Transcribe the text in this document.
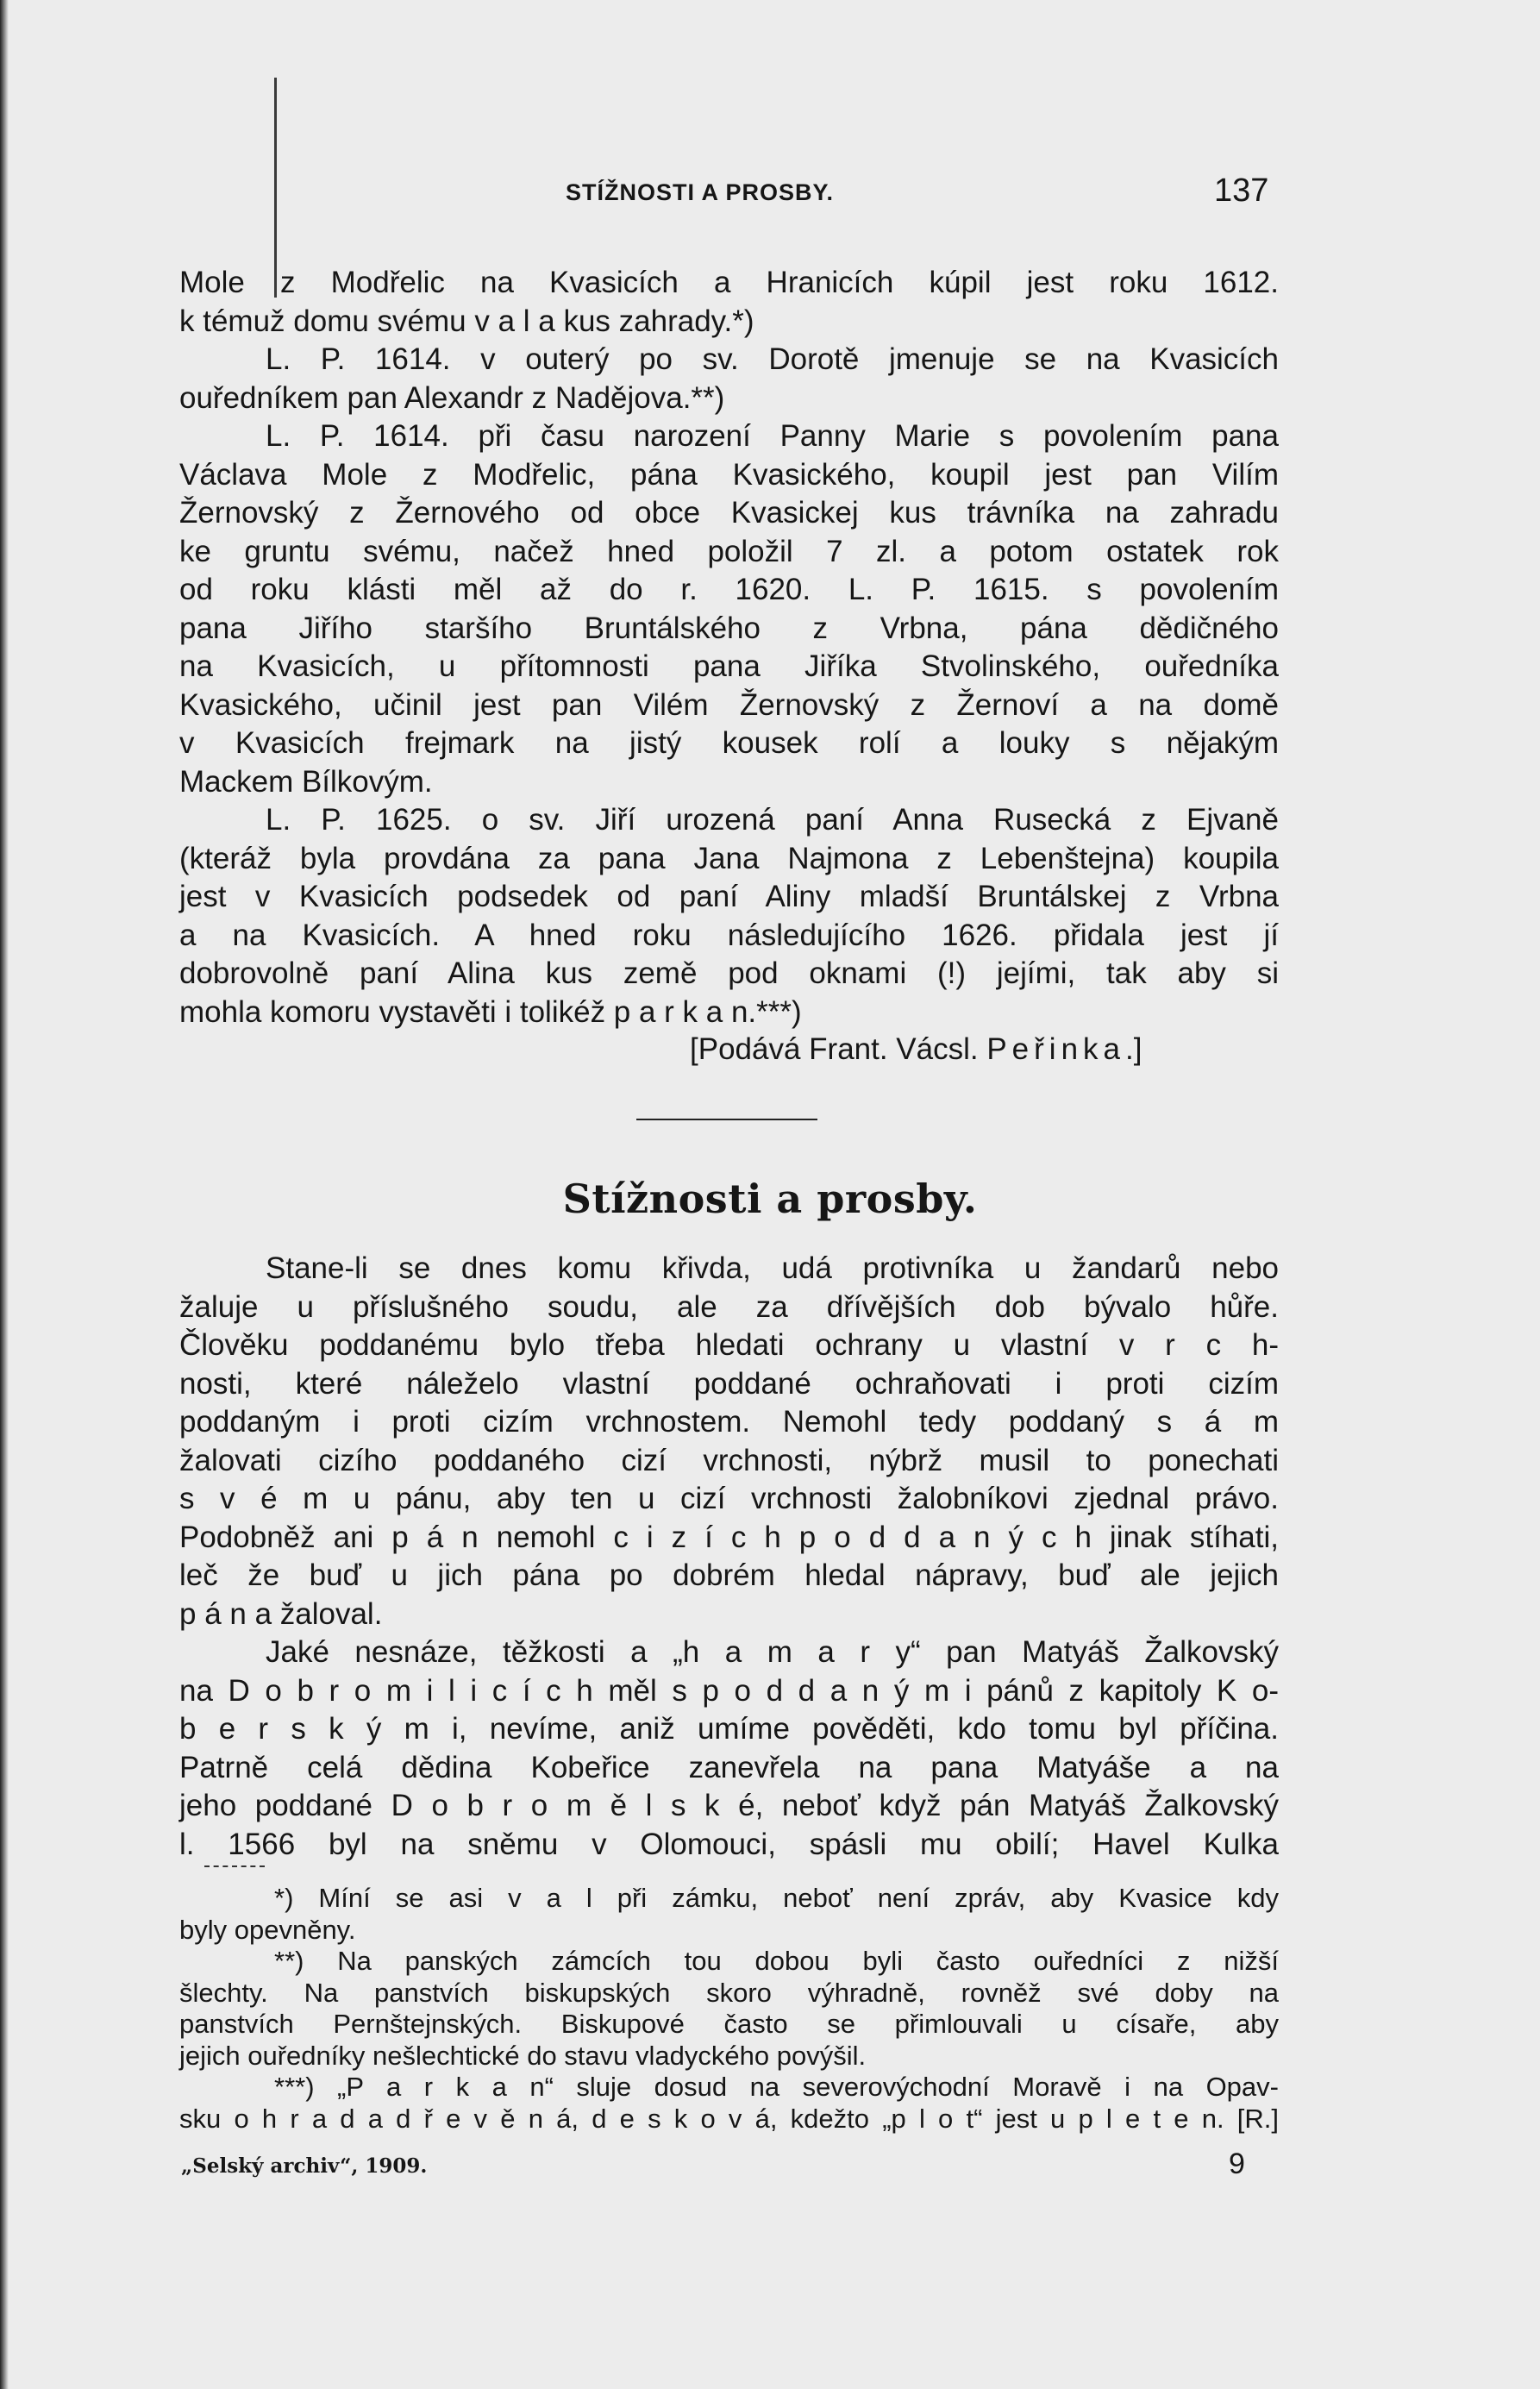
STÍŽNOSTI A PROSBY.	137

Mole z Modřelic na Kvasicích a Hranicích kúpil jest roku 1612.

k témuž domu svému v a l a kus zahrady.*)

L. P. 1614. v outerý po sv. Dorotě jmenuje se na Kvasicích

ouředníkem pan Alexandr z Nadějova.**)

L. P. 1614. při času narození Panny Marie s povolením pana

Václava Mole z Modřelic, pána Kvasického, koupil jest pan Vilím

Žernovský z Žernového od obce Kvasickej kus trávníka na zahradu

ke gruntu svému, načež hned položil 7 zl. a potom ostatek rok

od roku klásti měl až do r. 1620. L. P. 1615. s povolením

pana Jiřího staršího Bruntálského z Vrbna, pána dědičného

na Kvasicích, u přítomnosti pana Jiříka Stvolinského, ouředníka

Kvasického, učinil jest pan Vilém Žernovský z Žernoví a na domě

v Kvasicích frejmark na jistý kousek rolí a louky s nějakým

Mackem Bílkovým.

L. P. 1625. o sv. Jiří urozená paní Anna Rusecká z Ejvaně

(kteráž byla provdána za pana Jana Najmona z Lebenštejna) koupila

jest v Kvasicích podsedek od paní Aliny mladší Bruntálskej z Vrbna

a na Kvasicích. A hned roku následujícího 1626. přidala jest jí

dobrovolně paní Alina kus země pod oknami (!) jejími, tak aby si

mohla komoru vystavěti i tolikéž p a r k a n.***)

[Podává Frant. Vácsl. Peřinka.]
Stížnosti a prosby.

Stane-li se dnes komu křivda, udá protivníka u žandarů nebo

žaluje u příslušného soudu, ale za dřívějších dob bývalo hůře.

Člověku poddanému bylo třeba hledati ochrany u vlastní v r c h-

nosti, které náleželo vlastní poddané ochraňovati i proti cizím

poddaným i proti cizím vrchnostem. Nemohl tedy poddaný s á m

žalovati cizího poddaného cizí vrchnosti, nýbrž musil to ponechati

s v é m u pánu, aby ten u cizí vrchnosti žalobníkovi zjednal právo.

Podobněž ani p á n nemohl c i z í c h p o d d a n ý c h jinak stíhati,

leč že buď u jich pána po dobrém hledal nápravy, buď ale jejich

p á n a žaloval.

Jaké nesnáze, těžkosti a „h a m a r y“ pan Matyáš Žalkovský

na D o b r o m i l i c í c h měl s p o d d a n ý m i pánů z kapitoly K o-

b e r s k ý m i, nevíme, aniž umíme pověděti, kdo tomu byl příčina.

Patrně celá dědina Kobeřice zanevřela na pana Matyáše a na

jeho poddané D o b r o m ě l s k é, neboť když pán Matyáš Žalkovský

l. 1566 byl na sněmu v Olomouci, spásli mu obilí; Havel Kulka

*) Míní se asi v a l při zámku, neboť není zpráv, aby Kvasice kdy

byly opevněny.

**) Na panských zámcích tou dobou byli často ouředníci z nižší

šlechty. Na panstvích biskupských skoro výhradně, rovněž své doby na

panstvích Pernštejnských. Biskupové často se přimlouvali u císaře, aby

jejich ouředníky nešlechtické do stavu vladyckého povýšil.

***) „P a r k a n“ sluje dosud na severovýchodní Moravě i na Opav-

sku o h r a d a d ř e v ě n á, d e s k o v á, kdežto „p l o t“ jest u p l e t e n. [R.]

„Selský archiv“, 1909.	9
